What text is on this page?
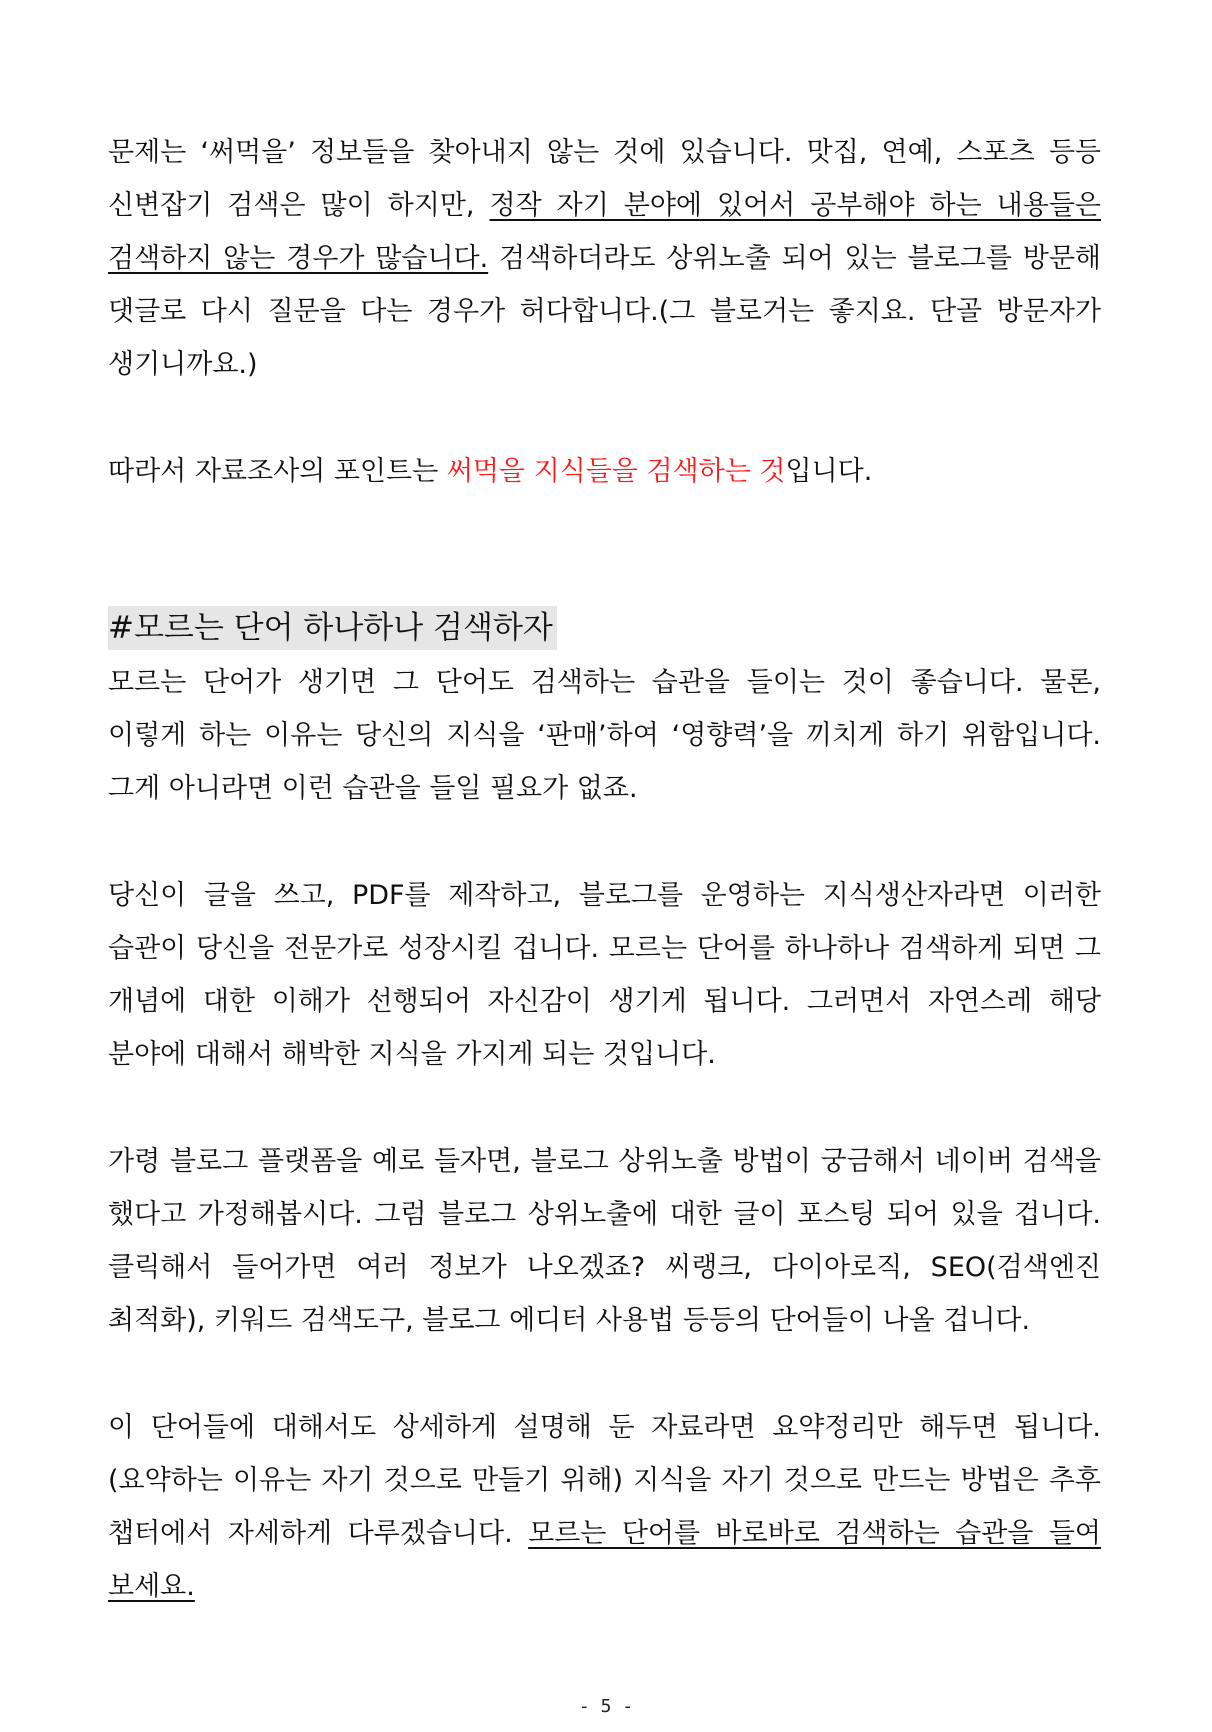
문제는 ‘써먹을’ 정보들을 찾아내지 않는 것에 있습니다. 맛집, 연예, 스포츠 등등 신변잡기 검색은 많이 하지만, 정작 자기 분야에 있어서 공부해야 하는 내용들은 검색하지 않는 경우가 많습니다. 검색하더라도 상위노출 되어 있는 블로그를 방문해 댓글로 다시 질문을 다는 경우가 허다합니다.(그 블로거는 좋지요. 단골 방문자가 생기니까요.)

따라서 자료조사의 포인트는 써먹을 지식들을 검색하는 것입니다.

#모르는 단어 하나하나 검색하자

모르는 단어가 생기면 그 단어도 검색하는 습관을 들이는 것이 좋습니다. 물론, 이렇게 하는 이유는 당신의 지식을 ‘판매’하여 ‘영향력’을 끼치게 하기 위함입니다. 그게 아니라면 이런 습관을 들일 필요가 없죠.

당신이 글을 쓰고, PDF를 제작하고, 블로그를 운영하는 지식생산자라면 이러한 습관이 당신을 전문가로 성장시킬 겁니다. 모르는 단어를 하나하나 검색하게 되면 그 개념에 대한 이해가 선행되어 자신감이 생기게 됩니다. 그러면서 자연스레 해당 분야에 대해서 해박한 지식을 가지게 되는 것입니다.

가령 블로그 플랫폼을 예로 들자면, 블로그 상위노출 방법이 궁금해서 네이버 검색을 했다고 가정해봅시다. 그럼 블로그 상위노출에 대한 글이 포스팅 되어 있을 겁니다. 클릭해서 들어가면 여러 정보가 나오겠죠? 씨랭크, 다이아로직, SEO(검색엔진 최적화), 키워드 검색도구, 블로그 에디터 사용법 등등의 단어들이 나올 겁니다.

이 단어들에 대해서도 상세하게 설명해 둔 자료라면 요약정리만 해두면 됩니다. (요약하는 이유는 자기 것으로 만들기 위해) 지식을 자기 것으로 만드는 방법은 추후 챕터에서 자세하게 다루겠습니다. 모르는 단어를 바로바로 검색하는 습관을 들여 보세요.

- 5 -
